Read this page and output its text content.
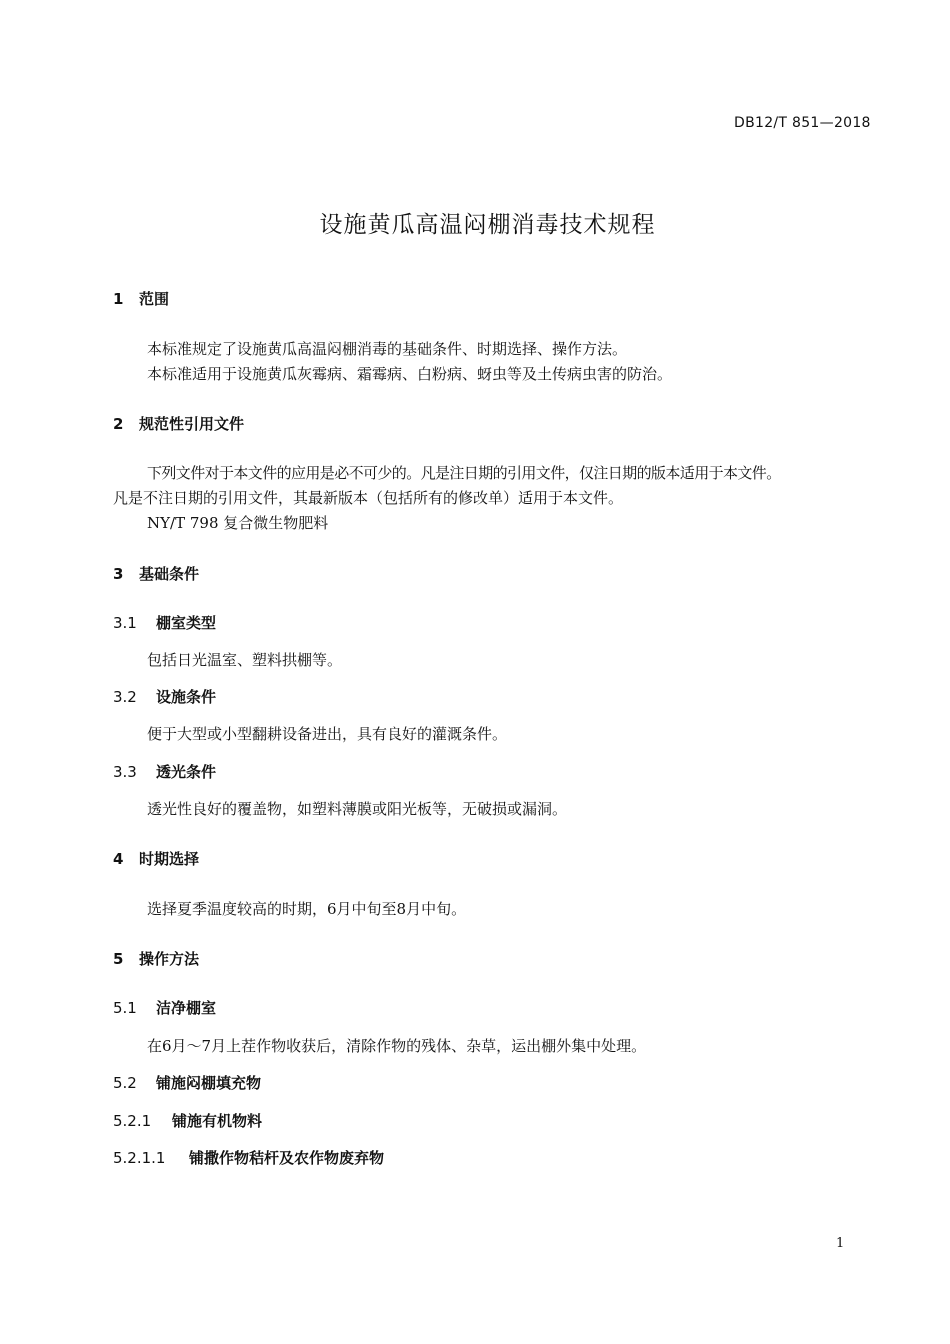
DB12/T 851—2018
设施黄瓜高温闷棚消毒技术规程
1 范围
本标准规定了设施黄瓜高温闷棚消毒的基础条件、时期选择、操作方法。
本标准适用于设施黄瓜灰霉病、霜霉病、白粉病、蚜虫等及土传病虫害的防治。
2 规范性引用文件
下列文件对于本文件的应用是必不可少的。凡是注日期的引用文件，仅注日期的版本适用于本文件。
凡是不注日期的引用文件，其最新版本（包括所有的修改单）适用于本文件。
NY/T 798 复合微生物肥料
3 基础条件
3.1 棚室类型
包括日光温室、塑料拱棚等。
3.2 设施条件
便于大型或小型翻耕设备进出，具有良好的灌溉条件。
3.3 透光条件
透光性良好的覆盖物，如塑料薄膜或阳光板等，无破损或漏洞。
4 时期选择
选择夏季温度较高的时期，6月中旬至8月中旬。
5 操作方法
5.1 洁净棚室
在6月～7月上茬作物收获后，清除作物的残体、杂草，运出棚外集中处理。
5.2 铺施闷棚填充物
5.2.1 铺施有机物料
5.2.1.1 铺撒作物秸杆及农作物废弃物
1
